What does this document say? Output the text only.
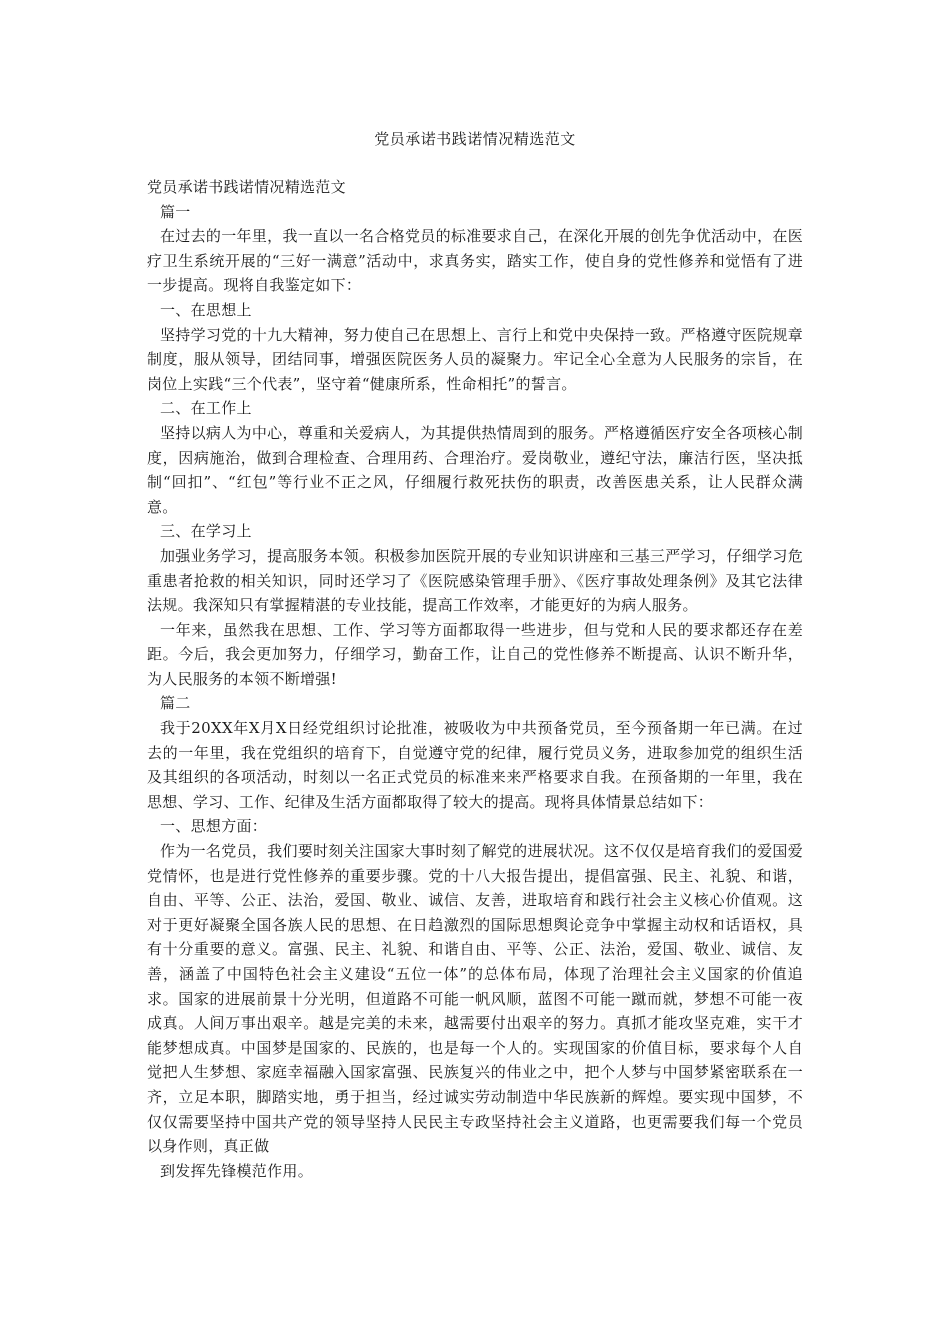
党员承诺书践诺情况精选范文

党员承诺书践诺情况精选范文

篇一

在过去的一年里，我一直以一名合格党员的标准要求自己，在深化开展的创先争优活动中，在医疗卫生系统开展的“三好一满意”活动中，求真务实，踏实工作，使自身的党性修养和觉悟有了进一步提高。现将自我鉴定如下：

一、在思想上

坚持学习党的十九大精神，努力使自己在思想上、言行上和党中央保持一致。严格遵守医院规章制度，服从领导，团结同事，增强医院医务人员的凝聚力。牢记全心全意为人民服务的宗旨，在岗位上实践“三个代表”，坚守着“健康所系，性命相托”的誓言。

二、在工作上

坚持以病人为中心，尊重和关爱病人，为其提供热情周到的服务。严格遵循医疗安全各项核心制度，因病施治，做到合理检查、合理用药、合理治疗。爱岗敬业，遵纪守法，廉洁行医，坚决抵制“回扣”、“红包”等行业不正之风，仔细履行救死扶伤的职责，改善医患关系，让人民群众满意。

三、在学习上

加强业务学习，提高服务本领。积极参加医院开展的专业知识讲座和三基三严学习，仔细学习危重患者抢救的相关知识，同时还学习了《医院感染管理手册》、《医疗事故处理条例》及其它法律法规。我深知只有掌握精湛的专业技能，提高工作效率，才能更好的为病人服务。

一年来，虽然我在思想、工作、学习等方面都取得一些进步，但与党和人民的要求都还存在差距。今后，我会更加努力，仔细学习，勤奋工作，让自己的党性修养不断提高、认识不断升华，为人民服务的本领不断增强!

篇二

我于20XX年X月X日经党组织讨论批准，被吸收为中共预备党员，至今预备期一年已满。在过去的一年里，我在党组织的培育下，自觉遵守党的纪律，履行党员义务，进取参加党的组织生活及其组织的各项活动，时刻以一名正式党员的标准来来严格要求自我。在预备期的一年里，我在思想、学习、工作、纪律及生活方面都取得了较大的提高。现将具体情景总结如下：

一、思想方面：

作为一名党员，我们要时刻关注国家大事时刻了解党的进展状况。这不仅仅是培育我们的爱国爱党情怀，也是进行党性修养的重要步骤。党的十八大报告提出，提倡富强、民主、礼貌、和谐，自由、平等、公正、法治，爱国、敬业、诚信、友善，进取培育和践行社会主义核心价值观。这对于更好凝聚全国各族人民的思想、在日趋激烈的国际思想舆论竞争中掌握主动权和话语权，具有十分重要的意义。富强、民主、礼貌、和谐自由、平等、公正、法治，爱国、敬业、诚信、友善，涵盖了中国特色社会主义建设“五位一体”的总体布局，体现了治理社会主义国家的价值追求。国家的进展前景十分光明，但道路不可能一帆风顺，蓝图不可能一蹴而就，梦想不可能一夜成真。人间万事出艰辛。越是完美的未来，越需要付出艰辛的努力。真抓才能攻坚克难，实干才能梦想成真。中国梦是国家的、民族的，也是每一个人的。实现国家的价值目标，要求每个人自觉把人生梦想、家庭幸福融入国家富强、民族复兴的伟业之中，把个人梦与中国梦紧密联系在一齐，立足本职，脚踏实地，勇于担当，经过诚实劳动制造中华民族新的辉煌。要实现中国梦，不仅仅需要坚持中国共产党的领导坚持人民民主专政坚持社会主义道路，也更需要我们每一个党员以身作则，真正做

到发挥先锋模范作用。
